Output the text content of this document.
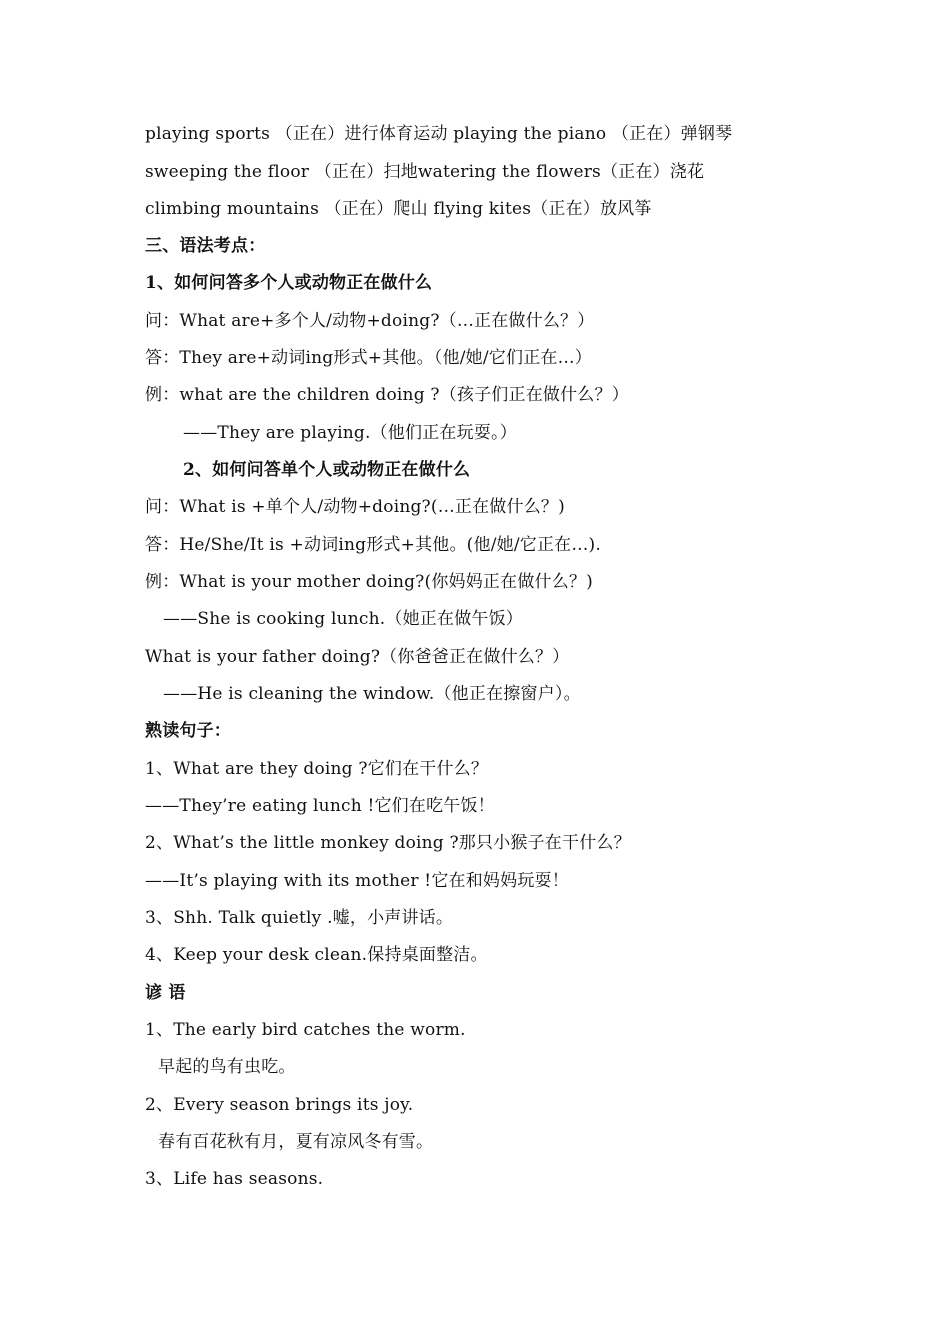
playing sports （正在）进行体育运动 playing the piano （正在）弹钢琴
sweeping the floor （正在）扫地watering the flowers（正在）浇花
climbing mountains （正在）爬山 flying kites（正在）放风筝
三、语法考点：
1、如何问答多个人或动物正在做什么
问：What are+多个人/动物+doing?（…正在做什么？）
答：They are+动词ing形式+其他。（他/她/它们正在…）
例：what are the children doing ?（孩子们正在做什么？）
——They are playing.（他们正在玩耍。）
2、如何问答单个人或动物正在做什么
问：What is +单个人/动物+doing?(…正在做什么？)
答：He/She/It is +动词ing形式+其他。(他/她/它正在…).
例：What is your mother doing?(你妈妈正在做什么？)
——She is cooking lunch.（她正在做午饭）
What is your father doing?（你爸爸正在做什么？）
——He is cleaning the window.（他正在擦窗户）。
熟读句子：
1、What are they doing ?它们在干什么？
——They’re eating lunch !它们在吃午饭！
2、What’s the little monkey doing ?那只小猴子在干什么？
——It’s playing with its mother !它在和妈妈玩耍！
3、Shh. Talk quietly .嘘，小声讲话。
4、Keep your desk clean.保持桌面整洁。
谚 语
1、The early bird catches the worm.
早起的鸟有虫吃。
2、Every season brings its joy.
春有百花秋有月，夏有凉风冬有雪。
3、Life has seasons.
